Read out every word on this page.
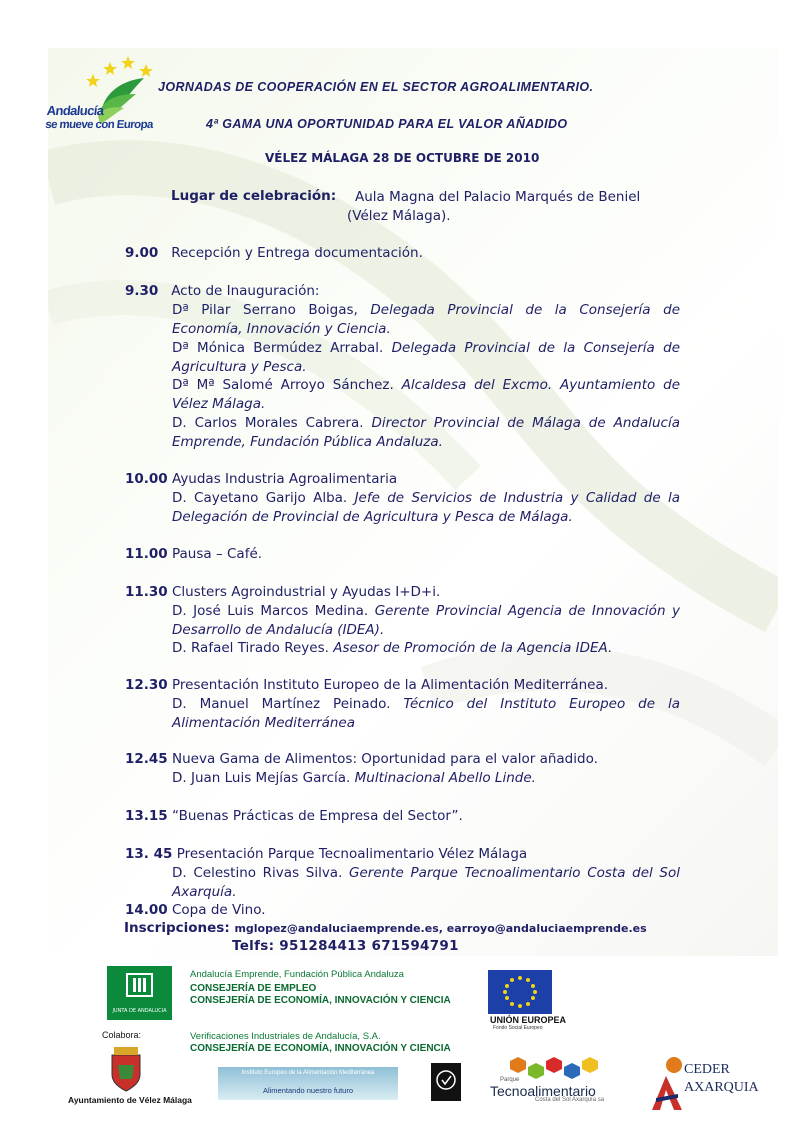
Andalucía
se mueve con Europa
JORNADAS DE COOPERACIÓN EN EL SECTOR AGROALIMENTARIO.
4ª GAMA UNA OPORTUNIDAD PARA EL VALOR AÑADIDO
VÉLEZ MÁLAGA 28 DE OCTUBRE DE 2010
Lugar de celebración: Aula Magna del Palacio Marqués de Beniel
(Vélez Málaga).
9.00 Recepción y Entrega documentación.
9.30 Acto de Inauguración:
Dª Pilar Serrano Boigas, Delegada Provincial de la Consejería de Economía, Innovación y Ciencia.
Dª Mónica Bermúdez Arrabal. Delegada Provincial de la Consejería de Agricultura y Pesca.
Dª Mª Salomé Arroyo Sánchez. Alcaldesa del Excmo. Ayuntamiento de Vélez Málaga.
D. Carlos Morales Cabrera. Director Provincial de Málaga de Andalucía Emprende, Fundación Pública Andaluza.
10.00 Ayudas Industria Agroalimentaria
D. Cayetano Garijo Alba. Jefe de Servicios de Industria y Calidad de la Delegación de Provincial de Agricultura y Pesca de Málaga.
11.00 Pausa – Café.
11.30 Clusters Agroindustrial y Ayudas I+D+i.
D. José Luis Marcos Medina. Gerente Provincial Agencia de Innovación y Desarrollo de Andalucía (IDEA).
D. Rafael Tirado Reyes. Asesor de Promoción de la Agencia IDEA.
12.30 Presentación Instituto Europeo de la Alimentación Mediterránea.
D. Manuel Martínez Peinado. Técnico del Instituto Europeo de la Alimentación Mediterránea
12.45 Nueva Gama de Alimentos: Oportunidad para el valor añadido.
D. Juan Luis Mejías García. Multinacional Abello Linde.
13.15 “Buenas Prácticas de Empresa del Sector”.
13. 45 Presentación Parque Tecnoalimentario Vélez Málaga
D. Celestino Rivas Silva. Gerente Parque Tecnoalimentario Costa del Sol Axarquía.
14.00 Copa de Vino.
Inscripciones: mglopez@andaluciaemprende.es, earroyo@andaluciaemprende.es
Telfs: 951284413 671594791
JUNTA DE ANDALUCIA
Andalucía Emprende, Fundación Pública Andaluza
CONSEJERÍA DE EMPLEO
CONSEJERÍA DE ECONOMÍA, INNOVACIÓN Y CIENCIA
UNIÓN EUROPEA
Fondo Social Europeo
Colabora:
Ayuntamiento de Vélez Málaga
Verificaciones Industriales de Andalucía, S.A.
CONSEJERÍA DE ECONOMÍA, INNOVACIÓN Y CIENCIA
Instituto Europeo de la Alimentación Mediterránea
Alimentando nuestro futuro
Parque
Tecnoalimentario
Costa del Sol Axarquía sa
CEDER
AXARQUIA
